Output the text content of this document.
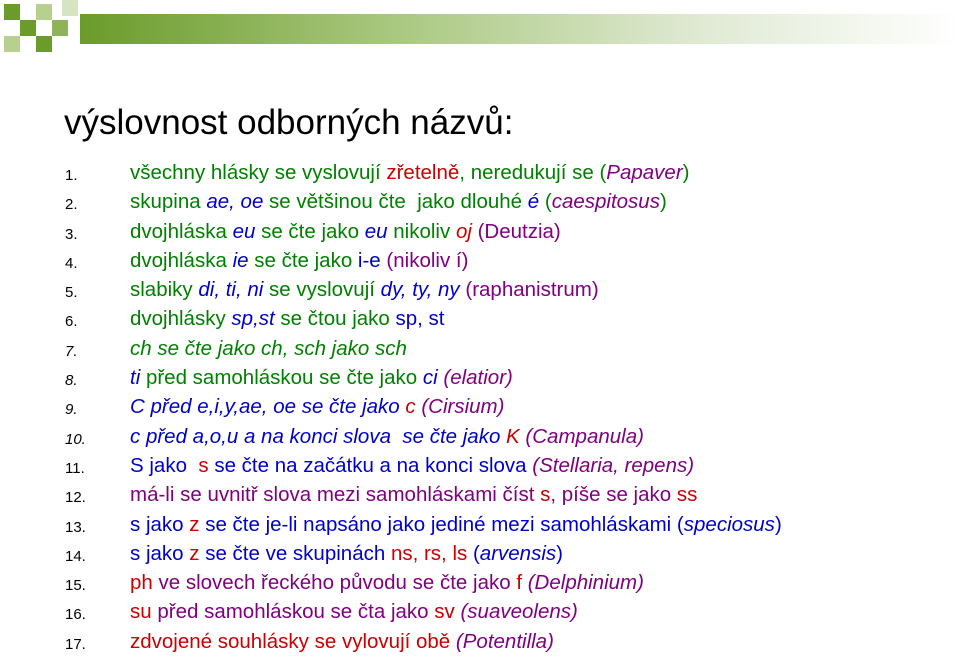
výslovnost odborných názvů:
1.	všechny hlásky se vyslovují zřetelně, neredukují se (Papaver)
2.	skupina ae, oe se většinou čte  jako dlouhé é (caespitosus)
3.	dvojhláska eu se čte jako eu nikoliv oj (Deutzia)
4.	dvojhláska ie se čte jako i-e (nikoliv í)
5.	slabiky di, ti, ni se vyslovují dy, ty, ny (raphanistrum)
6.	dvojhlásky sp,st se čtou jako sp, st
7.	ch se čte jako ch, sch jako sch
8.	ti před samohláskou se čte jako ci (elatior)
9.	C před e,i,y,ae, oe se čte jako c (Cirsium)
10. c před a,o,u a na konci slova  se čte jako K (Campanula)
11. S jako  s se čte na začátku a na konci slova (Stellaria, repens)
12. má-li se uvnitř slova mezi samohláskami číst s, píše se jako ss
13. s jako z se čte je-li napsáno jako jediné mezi samohláskami (speciosus)
14. s jako z se čte ve skupinách ns, rs, ls (arvensis)
15. ph ve slovech řeckého původu se čte jako f (Delphinium)
16. su před samohláskou se čta jako sv (suaveolens)
17. zdvojené souhlásky se vylovují obě (Potentilla)
